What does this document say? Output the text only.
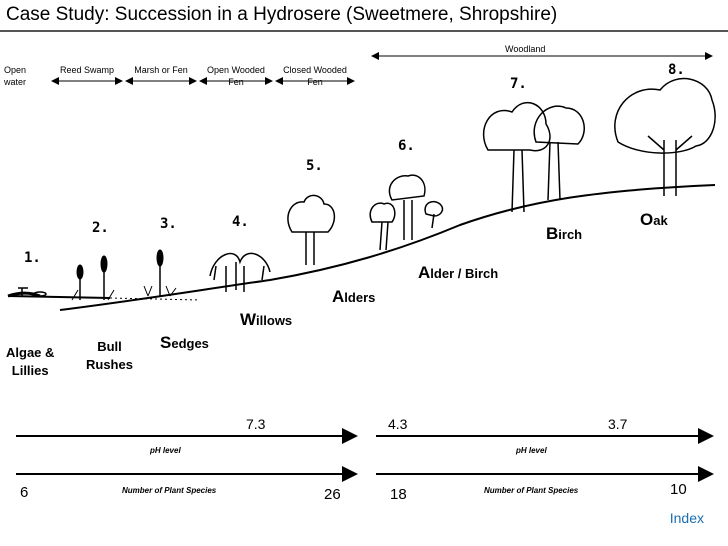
Case Study: Succession in a Hydrosere (Sweetmere, Shropshire)
Woodland
Open
water
Reed Swamp	Marsh or Fen	Open Wooded
Fen
Closed Wooded
Fen
1.
2.	3.	4.
5.
6.
7.
8.
Algae &
Lillies
Bull
Rushes
Sedges
Willows
Alders
Alder / Birch
Birch
Oak
7.3	4.3	3.7
pH level	pH level
6	26	18	10
Number of Plant Species	Number of Plant Species
Index
